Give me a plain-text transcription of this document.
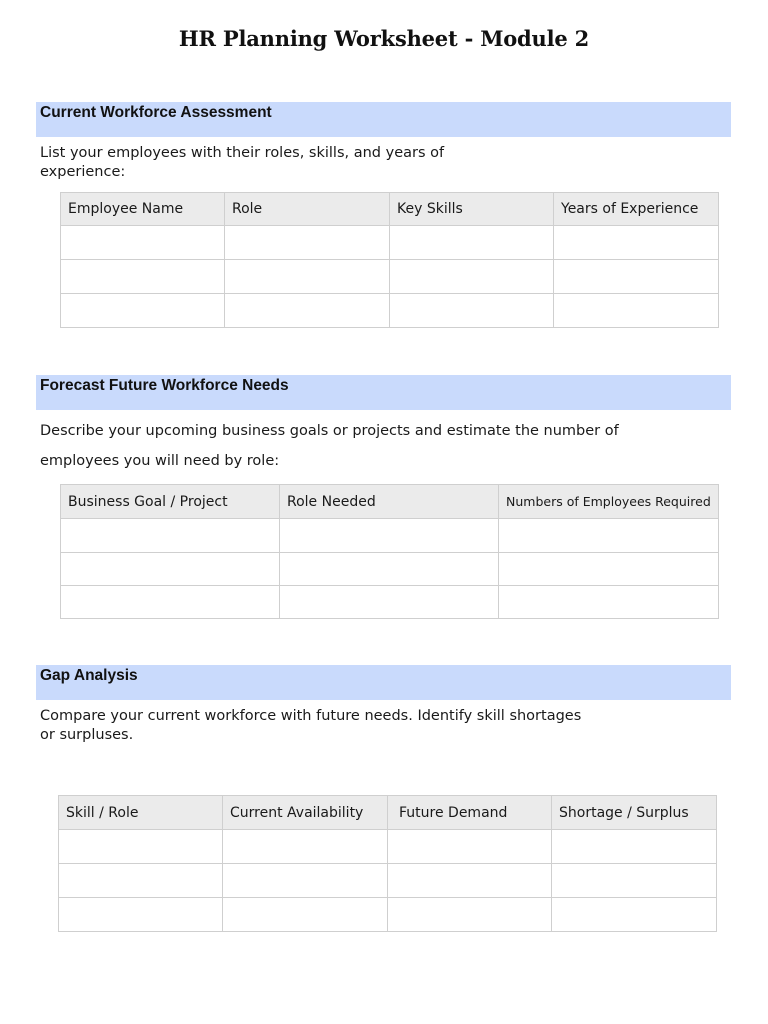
HR Planning Worksheet - Module 2
Current Workforce Assessment
List your employees with their roles, skills, and years of
experience:
Employee Name	Role	Key Skills	Years of Experience

Forecast Future Workforce Needs
Describe your upcoming business goals or projects and estimate the number of
employees you will need by role:
Business Goal / Project	Role Needed	Numbers of Employees Required

Gap Analysis
Compare your current workforce with future needs. Identify skill shortages
or surpluses.
Skill / Role	Current Availability	Future Demand	Shortage / Surplus
